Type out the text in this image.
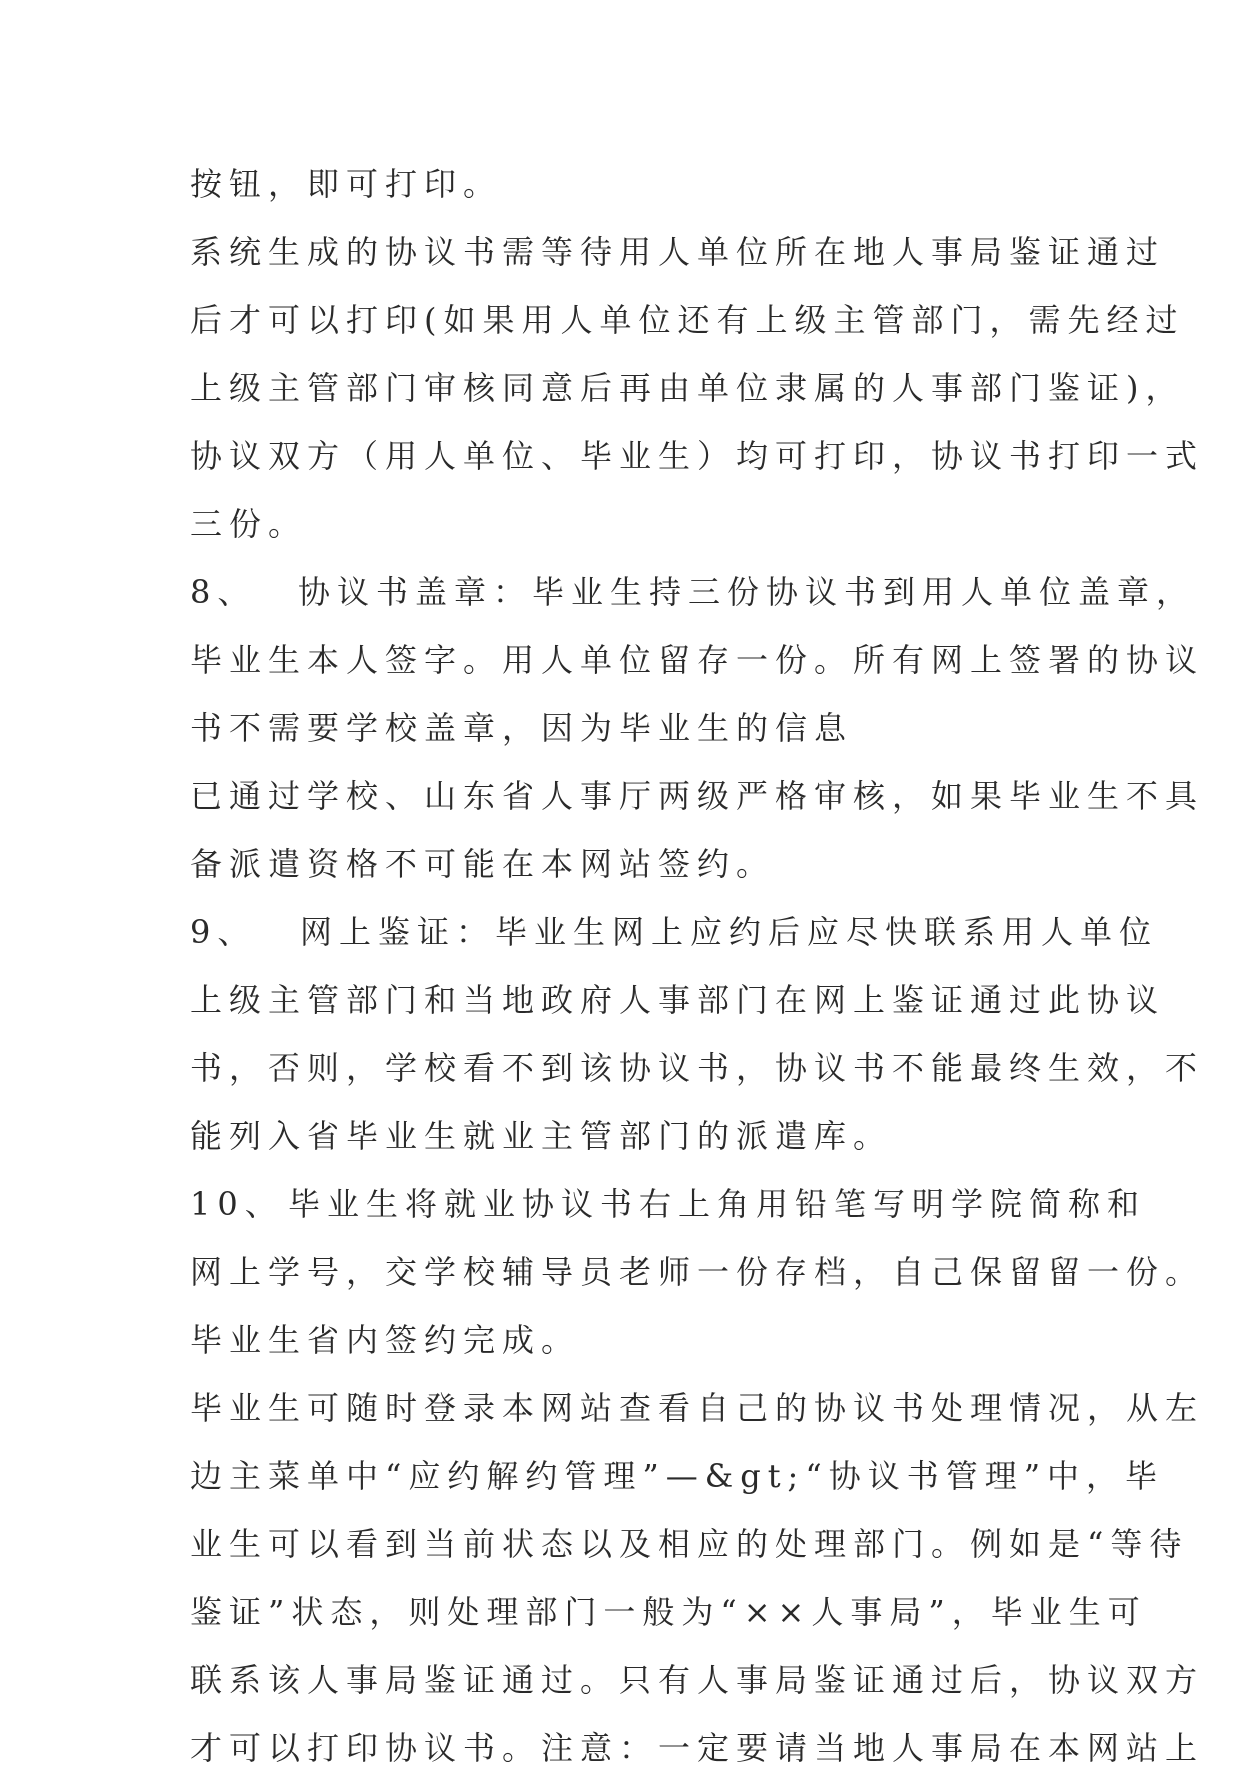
按钮，即可打印。
系统生成的协议书需等待用人单位所在地人事局鉴证通过
后才可以打印(如果用人单位还有上级主管部门，需先经过
上级主管部门审核同意后再由单位隶属的人事部门鉴证)，
协议双方（用人单位、毕业生）均可打印，协议书打印一式
三份。
8、 协议书盖章：毕业生持三份协议书到用人单位盖章，
毕业生本人签字。用人单位留存一份。所有网上签署的协议
书不需要学校盖章，因为毕业生的信息
已通过学校、山东省人事厅两级严格审核，如果毕业生不具
备派遣资格不可能在本网站签约。
9、 网上鉴证：毕业生网上应约后应尽快联系用人单位
上级主管部门和当地政府人事部门在网上鉴证通过此协议
书，否则，学校看不到该协议书，协议书不能最终生效，不
能列入省毕业生就业主管部门的派遣库。
10、 毕业生将就业协议书右上角用铅笔写明学院简称和
网上学号，交学校辅导员老师一份存档，自己保留留一份。
毕业生省内签约完成。
毕业生可随时登录本网站查看自己的协议书处理情况，从左
边主菜单中“应约解约管理”—&gt;“协议书管理”中，毕
业生可以看到当前状态以及相应的处理部门。例如是“等待
鉴证”状态，则处理部门一般为“××人事局”，毕业生可
联系该人事局鉴证通过。只有人事局鉴证通过后，协议双方
才可以打印协议书。注意：一定要请当地人事局在本网站上
